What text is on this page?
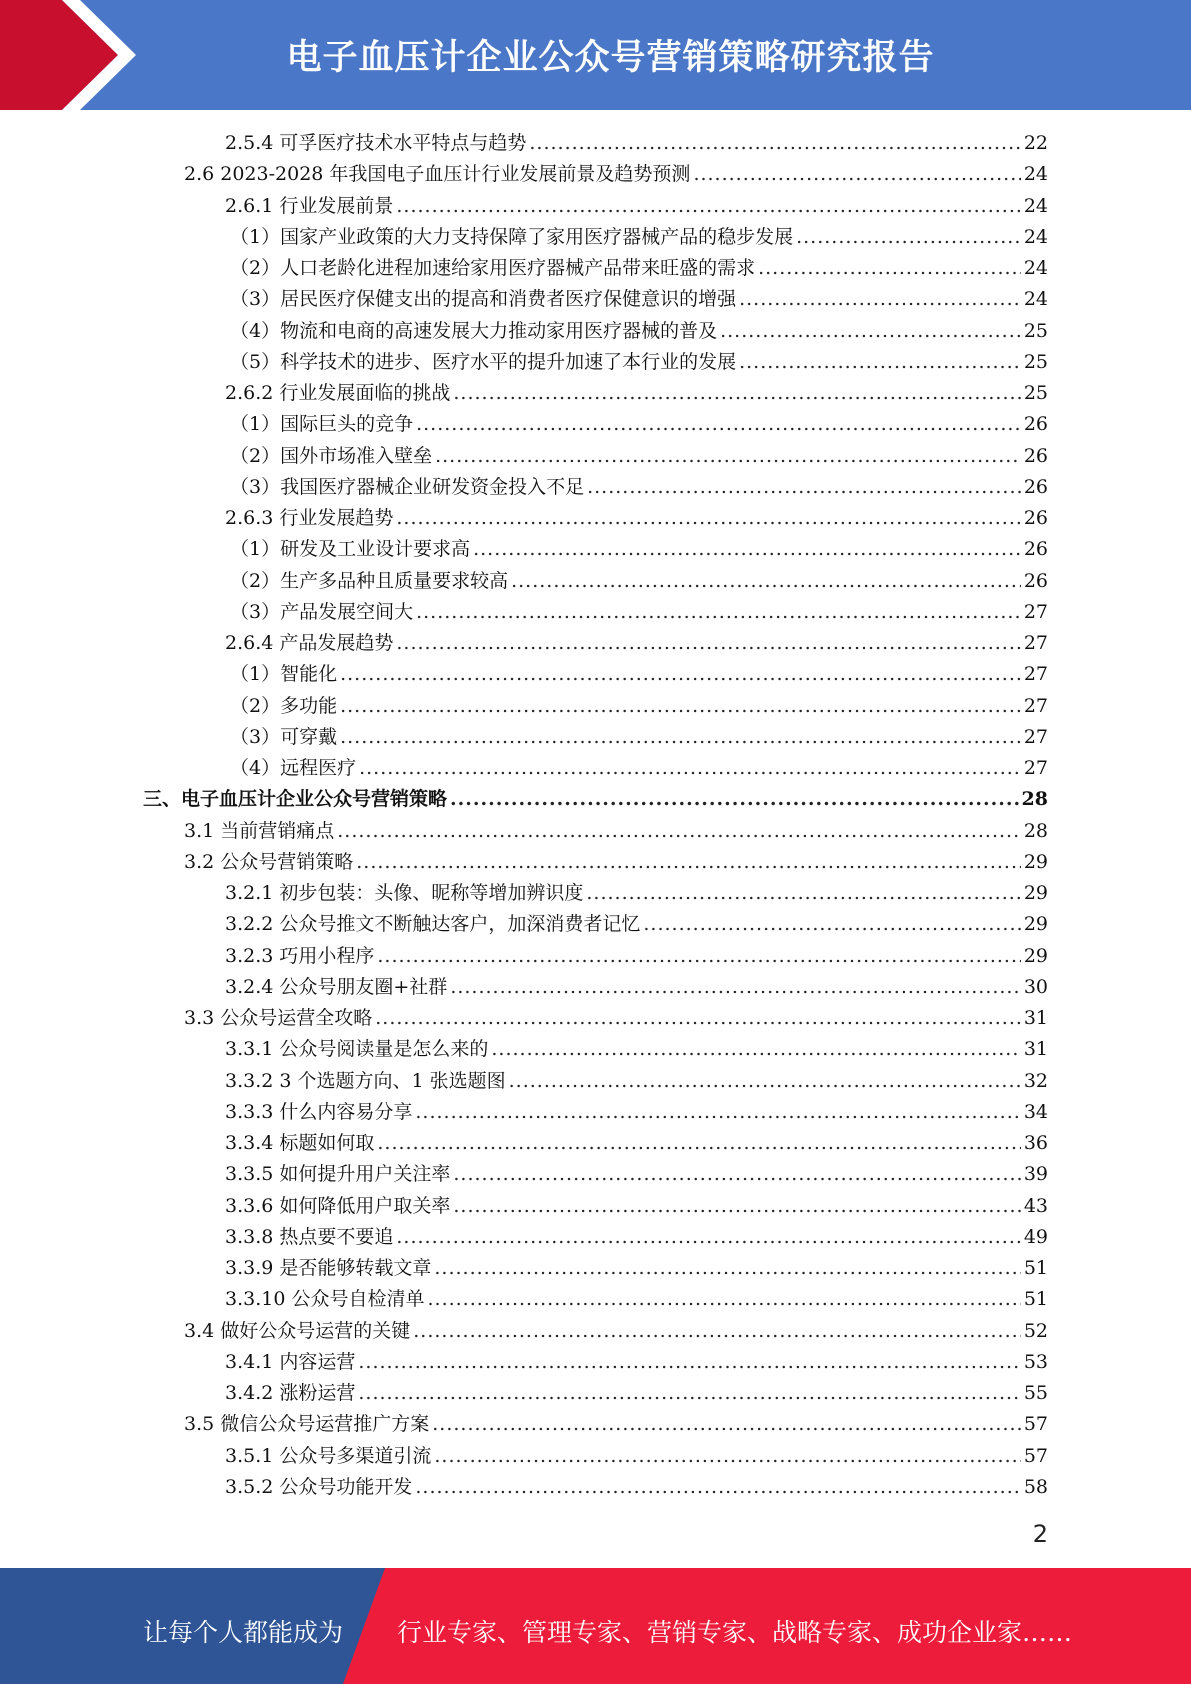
电子血压计企业公众号营销策略研究报告
2.5.4 可孚医疗技术水平特点与趋势 .....	22
2.6 2023-2028 年我国电子血压计行业发展前景及趋势预测 .....	24
2.6.1 行业发展前景 .....	24
（1）国家产业政策的大力支持保障了家用医疗器械产品的稳步发展 .....	24
（2）人口老龄化进程加速给家用医疗器械产品带来旺盛的需求 .....	24
（3）居民医疗保健支出的提高和消费者医疗保健意识的增强 .....	24
（4）物流和电商的高速发展大力推动家用医疗器械的普及 .....	25
（5）科学技术的进步、医疗水平的提升加速了本行业的发展 .....	25
2.6.2 行业发展面临的挑战 .....	25
（1）国际巨头的竞争 .....	26
（2）国外市场准入壁垒 .....	26
（3）我国医疗器械企业研发资金投入不足 .....	26
2.6.3 行业发展趋势 .....	26
（1）研发及工业设计要求高 .....	26
（2）生产多品种且质量要求较高 .....	26
（3）产品发展空间大 .....	27
2.6.4 产品发展趋势 .....	27
（1）智能化 .....	27
（2）多功能 .....	27
（3）可穿戴 .....	27
（4）远程医疗 .....	27
三、电子血压计企业公众号营销策略 .....	28
3.1 当前营销痛点 .....	28
3.2 公众号营销策略 .....	29
3.2.1 初步包装：头像、昵称等增加辨识度 .....	29
3.2.2 公众号推文不断触达客户，加深消费者记忆 .....	29
3.2.3 巧用小程序 .....	29
3.2.4 公众号朋友圈+社群 .....	30
3.3 公众号运营全攻略 .....	31
3.3.1 公众号阅读量是怎么来的 .....	31
3.3.2 3 个选题方向、1 张选题图 .....	32
3.3.3 什么内容易分享 .....	34
3.3.4 标题如何取 .....	36
3.3.5 如何提升用户关注率 .....	39
3.3.6 如何降低用户取关率 .....	43
3.3.8 热点要不要追 .....	49
3.3.9 是否能够转载文章 .....	51
3.3.10 公众号自检清单 .....	51
3.4 做好公众号运营的关键 .....	52
3.4.1 内容运营 .....	53
3.4.2 涨粉运营 .....	55
3.5 微信公众号运营推广方案 .....	57
3.5.1 公众号多渠道引流 .....	57
3.5.2 公众号功能开发 .....	58
2
让每个人都能成为 行业专家、管理专家、营销专家、战略专家、成功企业家……
